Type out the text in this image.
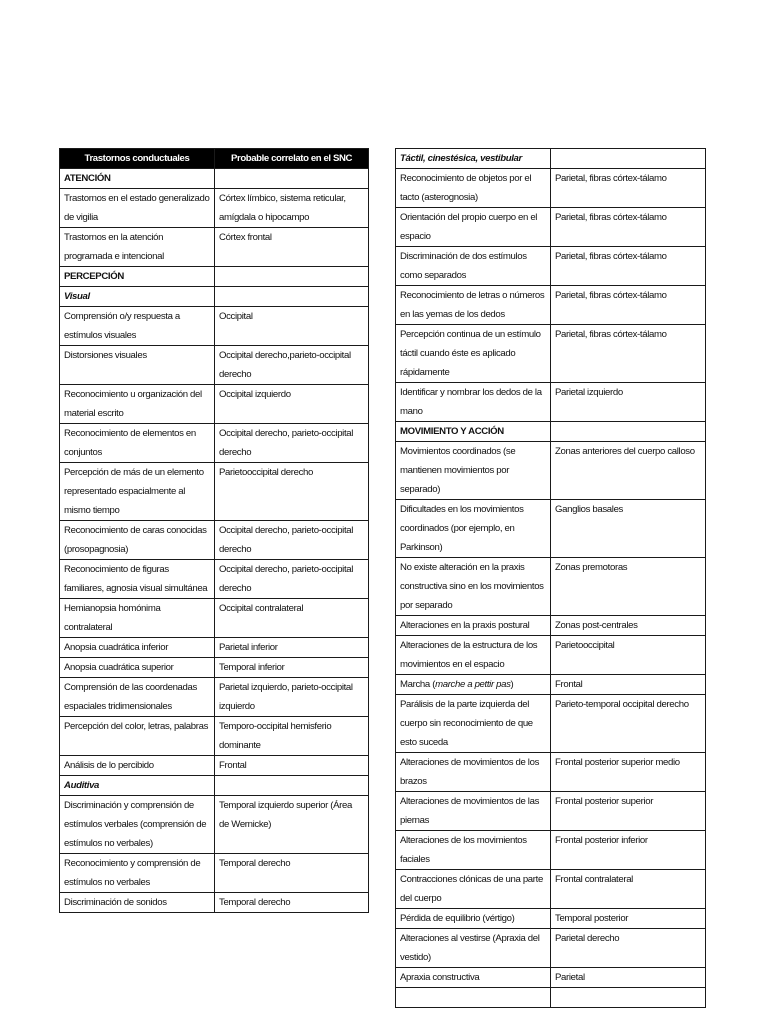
Trastornos conductuales	Probable correlato en el SNC
ATENCIÓN	
Trastornos en el estado generalizado de vigilia	Córtex límbico, sistema reticular, amígdala o hipocampo
Trastornos en la atención programada e intencional	Córtex frontal
PERCEPCIÓN	
Visual	
Comprensión o/y respuesta a estímulos visuales	Occipital
Distorsiones visuales	Occipital derecho,parieto-occipital derecho
Reconocimiento u organización del material escrito	Occipital izquierdo
Reconocimiento de elementos en conjuntos	Occipital derecho, parieto-occipital derecho
Percepción de más de un elemento representado espacialmente al mismo tiempo	Parietooccipital derecho
Reconocimiento de caras conocidas (prosopagnosia)	Occipital derecho, parieto-occipital derecho
Reconocimiento de figuras familiares, agnosia visual simultánea	Occipital derecho, parieto-occipital derecho
Hemianopsia homónima contralateral	Occipital contralateral
Anopsia cuadrática inferior	Parietal inferior
Anopsia cuadrática superior	Temporal inferior
Comprensión de las coordenadas espaciales tridimensionales	Parietal izquierdo, parieto-occipital izquierdo
Percepción del color, letras, palabras	Temporo-occipital hemisferio dominante
Análisis de lo percibido	Frontal
Auditiva	
Discriminación y comprensión de estímulos verbales (comprensión de estímulos no verbales)	Temporal izquierdo superior (Área de Wernicke)
Reconocimiento y comprensión de estímulos no verbales	Temporal derecho
Discriminación de sonidos	Temporal derecho
Táctil, cinestésica, vestibular	
Reconocimiento de objetos por el tacto (asterognosia)	Parietal, fibras córtex-tálamo
Orientación del propio cuerpo en el espacio	Parietal, fibras córtex-tálamo
Discriminación de dos estímulos como separados	Parietal, fibras córtex-tálamo
Reconocimiento de letras o números en las yemas de los dedos	Parietal, fibras córtex-tálamo
Percepción continua de un estímulo táctil cuando éste es aplicado rápidamente	Parietal, fibras córtex-tálamo
Identificar y nombrar los dedos de la mano	Parietal izquierdo
MOVIMIENTO Y ACCIÓN	
Movimientos coordinados (se mantienen movimientos por separado)	Zonas anteriores del cuerpo calloso
Dificultades en los movimientos coordinados (por ejemplo, en Parkinson)	Ganglios basales
No existe alteración en la praxis constructiva sino en los movimientos por separado	Zonas premotoras
Alteraciones en la praxis postural	Zonas post-centrales
Alteraciones de la estructura de los movimientos en el espacio	Parietooccipital
Marcha (marche a pettir pas)	Frontal
Parálisis de la parte izquierda del cuerpo sin reconocimiento de que esto suceda	Parieto-temporal occipital derecho
Alteraciones de movimientos de los brazos	Frontal posterior superior medio
Alteraciones de movimientos de las piernas	Frontal posterior superior
Alteraciones de los movimientos faciales	Frontal posterior inferior
Contracciones clónicas de una parte del cuerpo	Frontal contralateral
Pérdida de equilibrio (vértigo)	Temporal posterior
Alteraciones al vestirse (Apraxia del vestido)	Parietal derecho
Apraxia constructiva	Parietal
